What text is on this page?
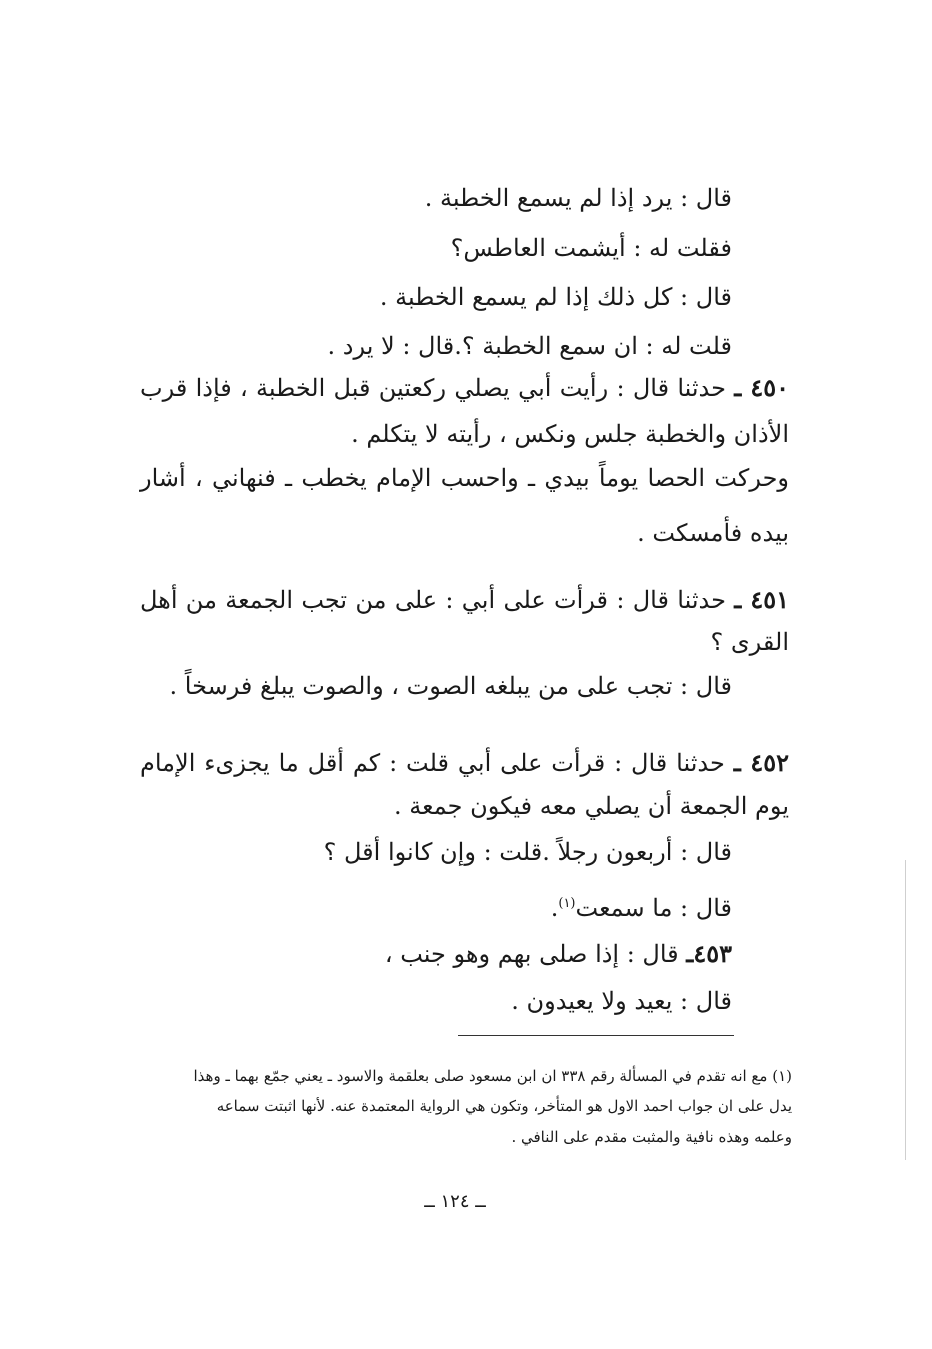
قال : يرد إذا لم يسمع الخطبة .
فقلت له : أيشمت العاطس؟
قال : كل ذلك إذا لم يسمع الخطبة .
قلت له : ان سمع الخطبة ؟.قال : لا يرد .
٤٥٠ ـ حدثنا قال : رأيت أبي يصلي ركعتين قبل الخطبة ، فإذا قرب
الأذان والخطبة جلس ونكس ، رأيته لا يتكلم .
وحركت الحصا يوماً بيدي ـ واحسب الإمام يخطب ـ فنهاني ، أشار
بيده فأمسكت .
٤٥١ ـ حدثنا قال : قرأت على أبي : على من تجب الجمعة من أهل
القرى ؟
قال : تجب على من يبلغه الصوت ، والصوت يبلغ فرسخاً .
٤٥٢ ـ حدثنا قال : قرأت على أبي قلت : كم أقل ما يجزىء الإمام
يوم الجمعة أن يصلي معه فيكون جمعة .
قال : أربعون رجلاً .قلت : وإن كانوا أقل ؟
قال : ما سمعت$^{(١)}$.
٤٥٣ـ قال : إذا صلى بهم وهو جنب ،
قال : يعيد ولا يعيدون .
(١) مع انه تقدم في المسألة رقم ٣٣٨ ان ابن مسعود صلى بعلقمة والاسود ـ يعني جمّع بهما ـ وهذا
يدل على ان جواب احمد الاول هو المتأخر، وتكون هي الرواية المعتمدة عنه. لأنها اثبتت سماعه
وعلمه وهذه نافية والمثبت مقدم على النافي .
ــ ١٢٤ ــ
